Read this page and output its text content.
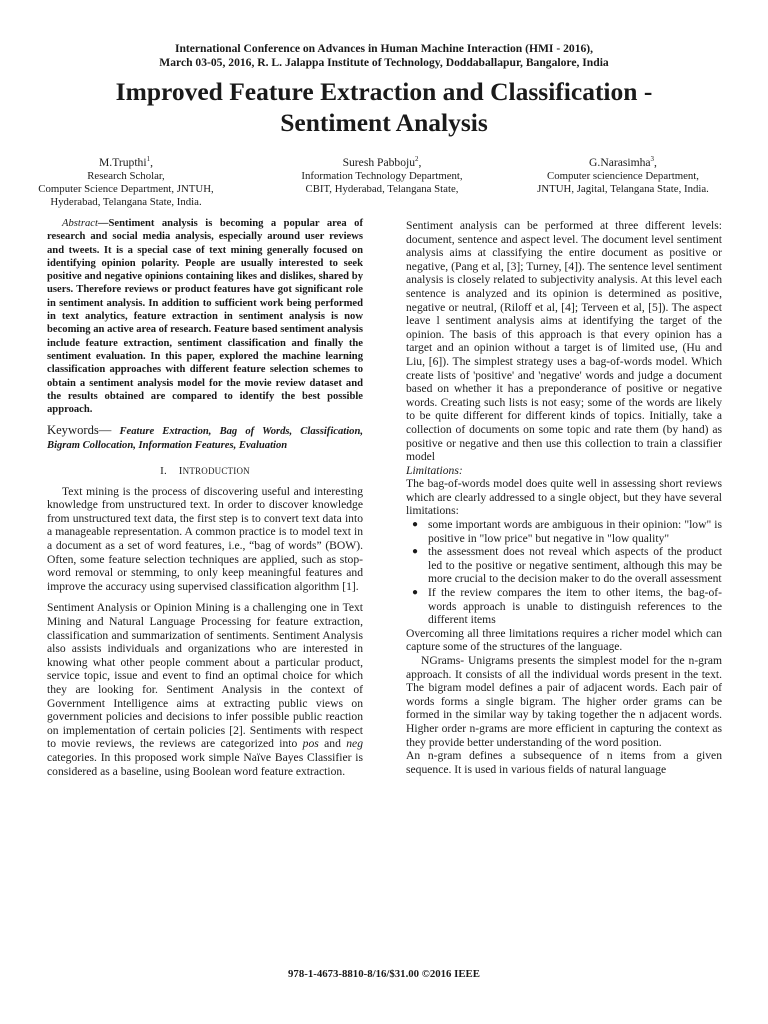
International Conference on Advances in Human Machine Interaction (HMI - 2016),
March 03-05, 2016, R. L. Jalappa Institute of Technology, Doddaballapur, Bangalore, India
Improved Feature Extraction and Classification -
Sentiment Analysis
M.Trupthi$^1$,
Research Scholar,
Computer Science Department, JNTUH,
Hyderabad, Telangana State, India.
Suresh Pabboju$^2$,
Information Technology Department,
CBIT, Hyderabad, Telangana State,
G.Narasimha$^3$,
Computer sciencience Department,
JNTUH, Jagital, Telangana State, India.

Abstract—Sentiment analysis is becoming a popular area of research and social media analysis, especially around user reviews and tweets. It is a special case of text mining generally focused on identifying opinion polarity. People are usually interested to seek positive and negative opinions containing likes and dislikes, shared by users. Therefore reviews or product features have got significant role in sentiment analysis. In addition to sufficient work being performed in text analytics, feature extraction in sentiment analysis is now becoming an active area of research. Feature based sentiment analysis include feature extraction, sentiment classification and finally the sentiment evaluation. In this paper, explored the machine learning classification approaches with different feature selection schemes to obtain a sentiment analysis model for the movie review dataset and the results obtained are compared to identify the best possible approach.

Keywords— Feature Extraction, Bag of Words, Classification, Bigram Collocation, Information Features, Evaluation

I. INTRODUCTION

Text mining is the process of discovering useful and interesting knowledge from unstructured text. In order to discover knowledge from unstructured text data, the first step is to convert text data into a manageable representation. A common practice is to model text in a document as a set of word features, i.e., “bag of words” (BOW). Often, some feature selection techniques are applied, such as stop-word removal or stemming, to only keep meaningful features and improve the accuracy using supervised classification algorithm [1].

Sentiment Analysis or Opinion Mining is a challenging one in Text Mining and Natural Language Processing for feature extraction, classification and summarization of sentiments. Sentiment Analysis also assists individuals and organizations who are interested in knowing what other people comment about a particular product, service topic, issue and event to find an optimal choice for which they are looking for. Sentiment Analysis in the context of Government Intelligence aims at extracting public views on government policies and decisions to infer possible public reaction on implementation of certain policies [2]. Sentiments with respect to movie reviews, the reviews are categorized into pos and neg categories. In this proposed work simple Naïve Bayes Classifier is considered as a baseline, using Boolean word feature extraction.

Sentiment analysis can be performed at three different levels: document, sentence and aspect level. The document level sentiment analysis aims at classifying the entire document as positive or negative, (Pang et al, [3]; Turney, [4]). The sentence level sentiment analysis is closely related to subjectivity analysis. At this level each sentence is analyzed and its opinion is determined as positive, negative or neutral, (Riloff et al, [4]; Terveen et al, [5]). The aspect leave l sentiment analysis aims at identifying the target of the opinion. The basis of this approach is that every opinion has a target and an opinion without a target is of limited use, (Hu and Liu, [6]). The simplest strategy uses a bag-of-words model. Which create lists of 'positive' and 'negative' words and judge a document based on whether it has a preponderance of positive or negative words. Creating such lists is not easy; some of the words are likely to be quite different for different kinds of topics. Initially, take a collection of documents on some topic and rate them (by hand) as positive or negative and then use this collection to train a classifier model

Limitations:

The bag-of-words model does quite well in assessing short reviews which are clearly addressed to a single object, but they have several limitations:

● some important words are ambiguous in their opinion: "low" is positive in "low price" but negative in "low quality"
● the assessment does not reveal which aspects of the product led to the positive or negative sentiment, although this may be more crucial to the decision maker to do the overall assessment
● If the review compares the item to other items, the bag-of-words approach is unable to distinguish references to the different items

Overcoming all three limitations requires a richer model which can capture some of the structures of the language.

NGrams- Unigrams presents the simplest model for the n-gram approach. It consists of all the individual words present in the text. The bigram model defines a pair of adjacent words. Each pair of words forms a single bigram. The higher order grams can be formed in the similar way by taking together the n adjacent words. Higher order n-grams are more efficient in capturing the context as they provide better understanding of the word position.

An n-gram defines a subsequence of n items from a given sequence. It is used in various fields of natural language

978-1-4673-8810-8/16/$31.00 ©2016 IEEE
